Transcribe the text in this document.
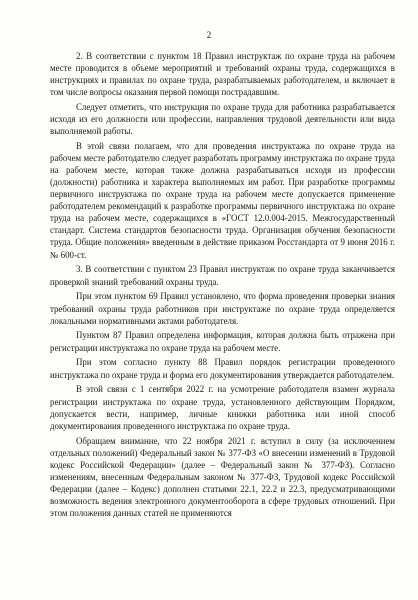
2

2. В соответствии с пунктом 18 Правил инструктаж по охране труда на рабочем месте проводится в объеме мероприятий и требований охраны труда, содержащихся в инструкциях и правилах по охране труда, разрабатываемых работодателем, и включает в том числе вопросы оказания первой помощи пострадавшим.

Следует отметить, что инструкция по охране труда для работника разрабатывается исходя из его должности или профессии, направления трудовой деятельности или вида выполняемой работы.

В этой связи полагаем, что для проведения инструктажа по охране труда на рабочем месте работодателю следует разработать программу инструктажа по охране труда на рабочем месте, которая также должна разрабатываться исходя из профессии (должности) работника и характера выполняемых им работ. При разработке программы первичного инструктажа по охране труда на рабочем месте допускается применение работодателем рекомендаций к разработке программы первичного инструктажа по охране труда на рабочем месте, содержащихся в «ГОСТ 12.0.004-2015. Межгосударственный стандарт. Система стандартов безопасности труда. Организация обучения безопасности труда. Общие положения» введенным в действие приказом Росстандарта от 9 июня 2016 г. № 600-ст.

3. В соответствии с пунктом 23 Правил инструктаж по охране труда заканчивается проверкой знаний требований охраны труда.

При этом пунктом 69 Правил установлено, что форма проведения проверки знания требований охраны труда работников при инструктаже по охране труда определяется локальными нормативными актами работодателя.

Пунктом 87 Правил определена информация, которая должна быть отражена при регистрации инструктажа по охране труда на рабочем месте.

При этом согласно пункту 88 Правил порядок регистрации проведенного инструктажа по охране труда и форма его документирования утверждается работодателем.

В этой связи с 1 сентября 2022 г. на усмотрение работодателя взамен журнала регистрации инструктажа по охране труда, установленного действующим Порядком, допускается вести, например, личные книжки работника или иной способ документирования проведенного инструктажа по охране труда.

Обращаем внимание, что 22 ноября 2021 г. вступил в силу (за исключением отдельных положений) Федеральный закон № 377-ФЗ «О внесении изменений в Трудовой кодекс Российской Федерации» (далее – Федеральный закон № 377-ФЗ). Согласно изменениям, внесенным Федеральным законом № 377-ФЗ, Трудовой кодекс Российской Федерации (далее – Кодекс) дополнен статьями 22.1, 22.2 и 22.3, предусматривающими возможность ведения электронного документооборота в сфере трудовых отношений. При этом положения данных статей не применяются
